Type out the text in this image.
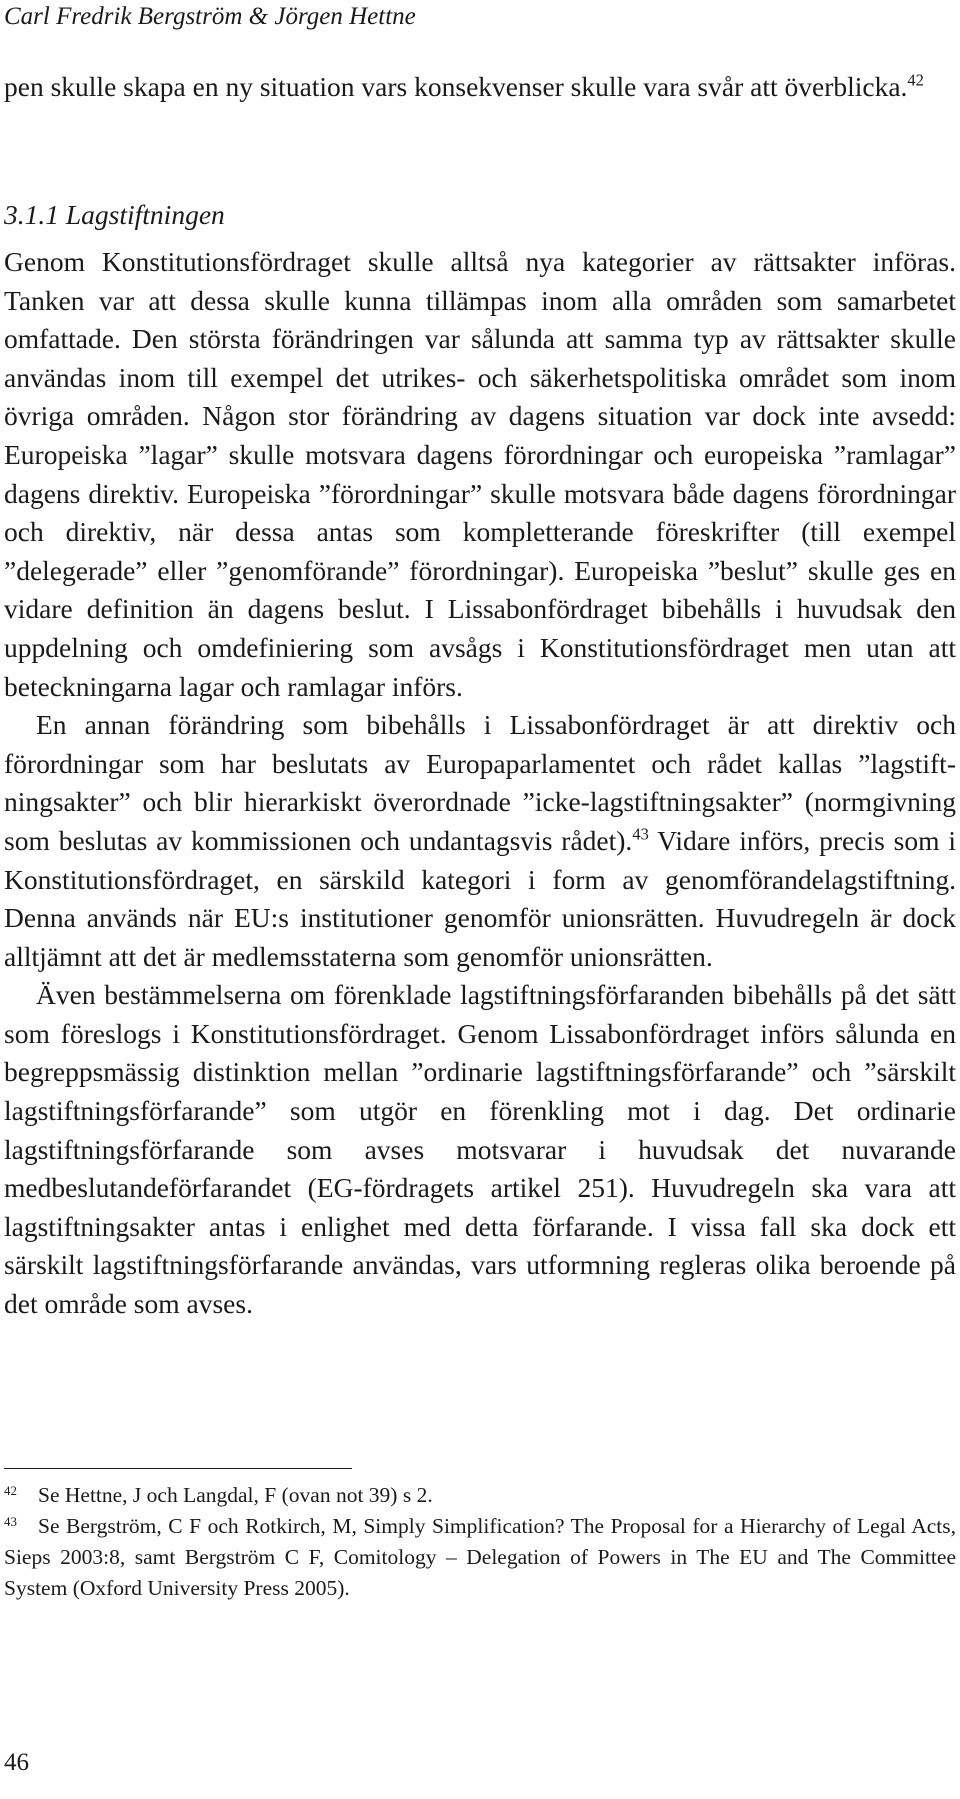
Carl Fredrik Bergström & Jörgen Hettne

pen skulle skapa en ny situation vars konsekvenser skulle vara svår att överblicka.$^{42}$

3.1.1 Lagstiftningen

Genom Konstitutionsfördraget skulle alltså nya kategorier av rättsakter införas. Tanken var att dessa skulle kunna tillämpas inom alla områden som samarbetet omfattade. Den största förändringen var sålunda att samma typ av rättsakter skulle användas inom till exempel det utrikes- och säkerhetspolitiska området som inom övriga områden. Någon stor förändring av dagens situation var dock inte avsedd: Europeiska ”lagar” skulle motsvara dagens förordningar och europeiska ”ramlagar” dagens direktiv. Europeiska ”förordningar” skulle motsvara både dagens förordningar och direktiv, när dessa antas som kompletterande föreskrifter (till exempel ”delegerade” eller ”genomförande” förordningar). Europeiska ”beslut” skulle ges en vidare definition än dagens beslut. I Lissabonfördraget bibehålls i huvudsak den uppdelning och omdefiniering som avsågs i Konstitutionsfördraget men utan att beteckningarna lagar och ramlagar införs.

En annan förändring som bibehålls i Lissabonfördraget är att direktiv och förordningar som har beslutats av Europaparlamentet och rådet kallas ”lagstiftningsakter” och blir hierarkiskt överordnade ”icke-lagstiftningsakter” (normgivning som beslutas av kommissionen och undantagsvis rådet).$^{43}$ Vidare införs, precis som i Konstitutionsfördraget, en särskild kategori i form av genomförandelagstiftning. Denna används när EU:s institutioner genomför unionsrätten. Huvudregeln är dock alltjämnt att det är medlemsstaterna som genomför unionsrätten.

Även bestämmelserna om förenklade lagstiftningsförfaranden bibehålls på det sätt som föreslogs i Konstitutionsfördraget. Genom Lissabonfördraget införs sålunda en begreppsmässig distinktion mellan ”ordinarie lagstiftningsförfarande” och ”särskilt lagstiftningsförfarande” som utgör en förenkling mot i dag. Det ordinarie lagstiftningsförfarande som avses motsvarar i huvudsak det nuvarande medbeslutandeförfarandet (EG-fördragets artikel 251). Huvudregeln ska vara att lagstiftningsakter antas i enlighet med detta förfarande. I vissa fall ska dock ett särskilt lagstiftningsförfarande användas, vars utformning regleras olika beroende på det område som avses.

42 Se Hettne, J och Langdal, F (ovan not 39) s 2.

43 Se Bergström, C F och Rotkirch, M, Simply Simplification? The Proposal for a Hierarchy of Legal Acts, Sieps 2003:8, samt Bergström C F, Comitology – Delegation of Powers in The EU and The Committee System (Oxford University Press 2005).

46
